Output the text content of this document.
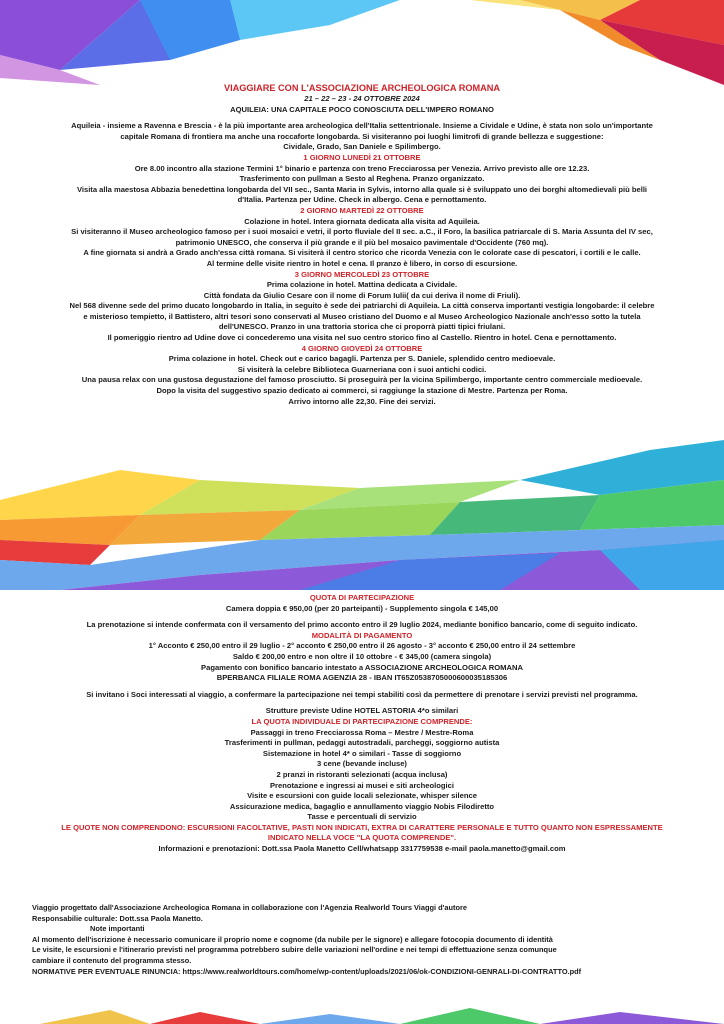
VIAGGIARE CON L'ASSOCIAZIONE ARCHEOLOGICA ROMANA

21 – 22 – 23 - 24 OTTOBRE 2024

AQUILEIA: UNA CAPITALE POCO CONOSCIUTA DELL'IMPERO ROMANO

Aquileia - insieme a Ravenna e Brescia - è la più importante area archeologica dell'Italia settentrionale. Insieme a Cividale e Udine, è stata non solo un'importante

capitale Romana di frontiera ma anche una roccaforte longobarda. Si visiteranno poi luoghi limitrofi di grande bellezza e suggestione:

Cividale, Grado, San Daniele e Spilimbergo.

1 GIORNO LUNEDÌ 21 OTTOBRE

Ore 8.00 incontro alla stazione Termini 1° binario e partenza con treno Frecciarossa per Venezia. Arrivo previsto alle ore 12.23.

Trasferimento con pullman a Sesto al Reghena. Pranzo organizzato.

Visita alla maestosa Abbazia benedettina longobarda del VII sec., Santa Maria in Sylvis, intorno alla quale si è sviluppato uno dei borghi altomedievali più belli

d'Italia. Partenza per Udine. Check in albergo. Cena e pernottamento.

2 GIORNO MARTEDÌ 22 OTTOBRE

Colazione in hotel. Intera giornata dedicata alla visita ad Aquileia.

Si visiteranno il Museo archeologico famoso per i suoi mosaici e vetri, il porto fluviale del II sec. a.C., il Foro, la basilica patriarcale di S. Maria Assunta del IV sec,

patrimonio UNESCO, che conserva il più grande e il più bel mosaico pavimentale d'Occidente (760 mq).

A fine giornata si andrà a Grado anch'essa città romana. Si visiterà il centro storico che ricorda Venezia con le colorate case di pescatori, i cortili e le calle.

Al termine delle visite rientro in hotel e cena. Il pranzo è libero, in corso di escursione.

3 GIORNO MERCOLEDÌ 23 OTTOBRE

Prima colazione in hotel. Mattina dedicata a Cividale.

Città fondata da Giulio Cesare con il nome di Forum Iulii( da cui deriva il nome di Friuli).

Nel 568 divenne sede del primo ducato longobardo in Italia, in seguito è sede dei patriarchi di Aquileia. La città conserva importanti vestigia longobarde: il celebre

e misterioso tempietto, il Battistero, altri tesori sono conservati al Museo cristiano del Duomo e al Museo Archeologico Nazionale anch'esso sotto la tutela

dell'UNESCO. Pranzo in una trattoria storica che ci proporrà piatti tipici friulani.

Il pomeriggio rientro ad Udine dove ci concederemo una visita nel suo centro storico fino al Castello. Rientro in hotel. Cena e pernottamento.

4 GIORNO GIOVEDÌ 24 OTTOBRE

Prima colazione in hotel. Check out e carico bagagli. Partenza per S. Daniele, splendido centro medioevale.

Si visiterà la celebre Biblioteca Guarneriana con i suoi antichi codici.

Una pausa relax con una gustosa degustazione del famoso prosciutto. Si proseguirà per la vicina Spilimbergo, importante centro commerciale medioevale.

Dopo la visita del suggestivo spazio dedicato ai commerci, si raggiunge la stazione di Mestre. Partenza per Roma.

Arrivo intorno alle 22,30. Fine dei servizi.

QUOTA DI PARTECIPAZIONE

Camera doppia € 950,00 (per 20 parteipanti) - Supplemento singola € 145,00

La prenotazione si intende confermata con il versamento del primo acconto entro il 29 luglio 2024, mediante bonifico bancario, come di seguito indicato.

MODALITÀ DI PAGAMENTO

1° Acconto € 250,00 entro il 29 luglio - 2° acconto € 250,00 entro il 26 agosto - 3° acconto € 250,00 entro il 24 settembre

Saldo € 200,00 entro e non oltre il 10 ottobre - € 345,00 (camera singola)

Pagamento con bonifico bancario intestato a ASSOCIAZIONE ARCHEOLOGICA ROMANA

BPERBANCA FILIALE ROMA AGENZIA 28 - IBAN IT65Z0538705000600035185306

Si invitano i Soci interessati al viaggio, a confermare la partecipazione nei tempi stabiliti così da permettere di prenotare i servizi previsti nel programma.

Strutture previste Udine HOTEL ASTORIA 4*o similari

LA QUOTA INDIVIDUALE DI PARTECIPAZIONE COMPRENDE:

Passaggi in treno Frecciarossa Roma – Mestre / Mestre-Roma

Trasferimenti in pullman, pedaggi autostradali, parcheggi, soggiorno autista

Sistemazione in hotel 4* o similari - Tasse di soggiorno

3 cene (bevande incluse)

2 pranzi in ristoranti selezionati (acqua inclusa)

Prenotazione e ingressi ai musei e siti archeologici

Visite e escursioni con guide locali selezionate, whisper silence

Assicurazione medica, bagaglio e annullamento viaggio Nobis Filodiretto

Tasse e percentuali di servizio

LE QUOTE NON COMPRENDONO: ESCURSIONI FACOLTATIVE, PASTI NON INDICATI, EXTRA DI CARATTERE PERSONALE E TUTTO QUANTO NON ESPRESSAMENTE

INDICATO NELLA VOCE "LA QUOTA COMPRENDE".

Informazioni e prenotazioni: Dott.ssa Paola Manetto Cell/whatsapp 3317759538 e-mail paola.manetto@gmail.com

Viaggio progettato dall'Associazione Archeologica Romana in collaborazione con l'Agenzia Realworld Tours Viaggi d'autore

Responsabilie culturale: Dott.ssa Paola Manetto.

Note importanti

Al momento dell'iscrizione è necessario comunicare il proprio nome e cognome (da nubile per le signore) e allegare fotocopia documento di identità

Le visite, le escursioni e l'itinerario previsti nel programma potrebbero subire delle variazioni nell'ordine e nei tempi di effettuazione senza comunque

cambiare il contenuto del programma stesso.

NORMATIVE PER EVENTUALE RINUNCIA: https://www.realworldtours.com/home/wp-content/uploads/2021/06/ok-CONDIZIONI-GENRALI-DI-CONTRATTO.pdf
